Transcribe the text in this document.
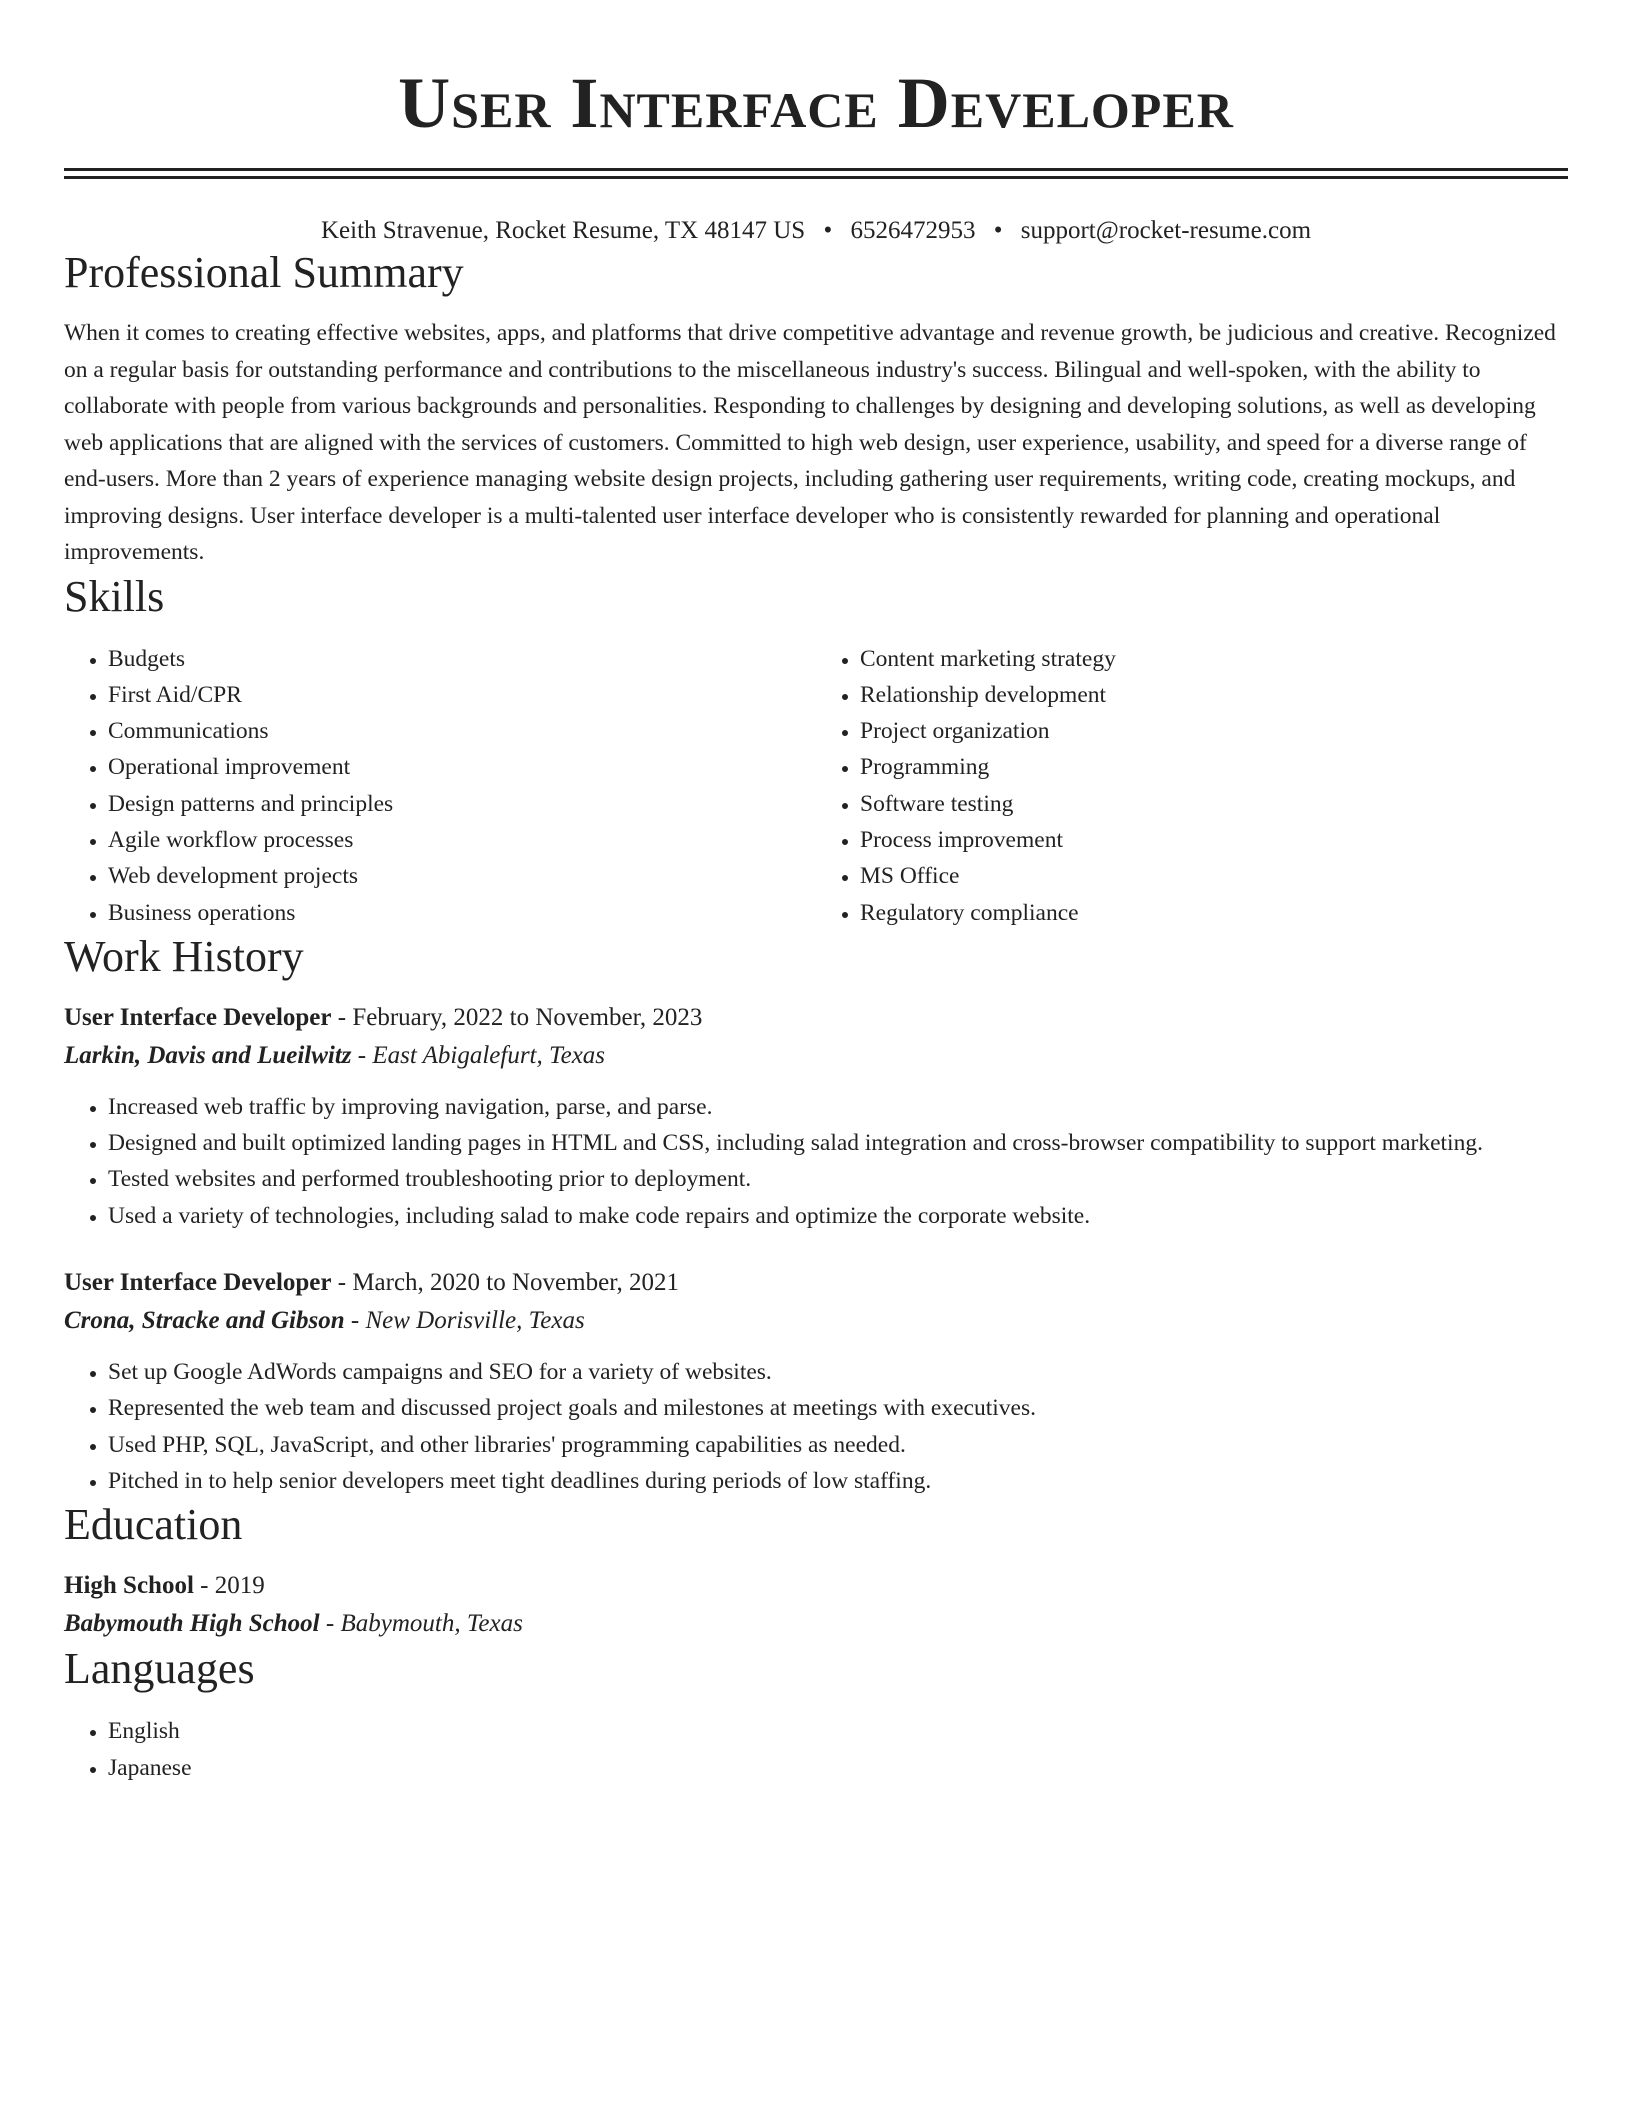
User Interface Developer
Keith Stravenue, Rocket Resume, TX 48147 US • 6526472953 • support@rocket-resume.com
Professional Summary
When it comes to creating effective websites, apps, and platforms that drive competitive advantage and revenue growth, be judicious and creative. Recognized on a regular basis for outstanding performance and contributions to the miscellaneous industry's success. Bilingual and well-spoken, with the ability to collaborate with people from various backgrounds and personalities. Responding to challenges by designing and developing solutions, as well as developing web applications that are aligned with the services of customers. Committed to high web design, user experience, usability, and speed for a diverse range of end-users. More than 2 years of experience managing website design projects, including gathering user requirements, writing code, creating mockups, and improving designs. User interface developer is a multi-talented user interface developer who is consistently rewarded for planning and operational improvements.
Skills
• Budgets
• First Aid/CPR
• Communications
• Operational improvement
• Design patterns and principles
• Agile workflow processes
• Web development projects
• Business operations
• Content marketing strategy
• Relationship development
• Project organization
• Programming
• Software testing
• Process improvement
• MS Office
• Regulatory compliance
Work History
User Interface Developer - February, 2022 to November, 2023
Larkin, Davis and Lueilwitz - East Abigalefurt, Texas
• Increased web traffic by improving navigation, parse, and parse.
• Designed and built optimized landing pages in HTML and CSS, including salad integration and cross-browser compatibility to support marketing.
• Tested websites and performed troubleshooting prior to deployment.
• Used a variety of technologies, including salad to make code repairs and optimize the corporate website.
User Interface Developer - March, 2020 to November, 2021
Crona, Stracke and Gibson - New Dorisville, Texas
• Set up Google AdWords campaigns and SEO for a variety of websites.
• Represented the web team and discussed project goals and milestones at meetings with executives.
• Used PHP, SQL, JavaScript, and other libraries' programming capabilities as needed.
• Pitched in to help senior developers meet tight deadlines during periods of low staffing.
Education
High School - 2019
Babymouth High School - Babymouth, Texas
Languages
• English
• Japanese
